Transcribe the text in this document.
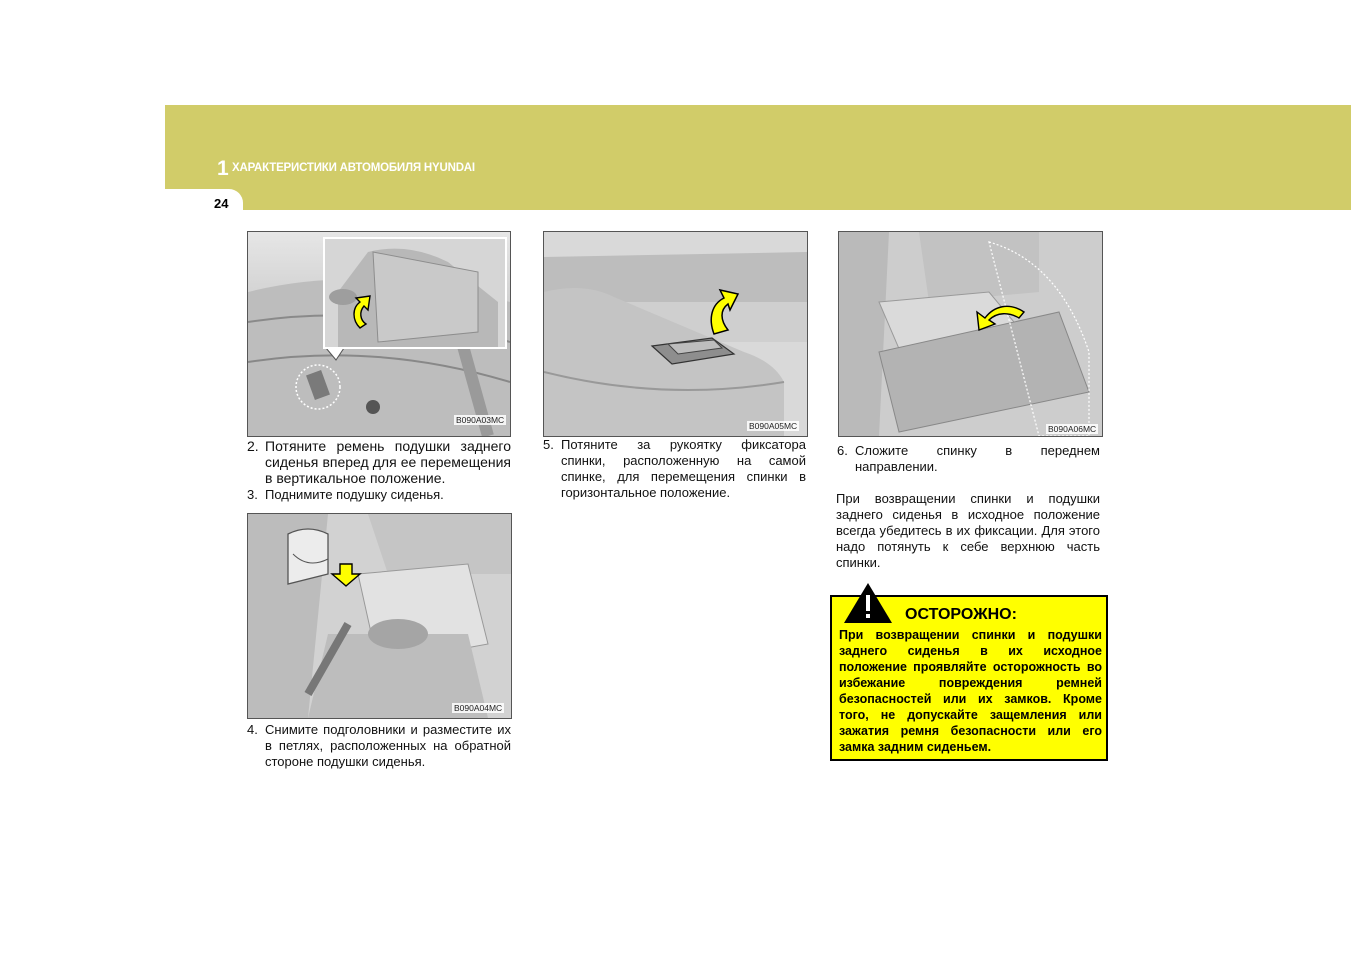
1 ХАРАКТЕРИСТИКИ АВТОМОБИЛЯ HYUNDAI
24
B090A03MC
2. Потяните ремень подушки заднего сиденья вперед для ее перемещения в вертикальное положение.
3. Поднимите подушку сиденья.
B090A04MC
4. Снимите подголовники и разместите их в петлях, расположенных на обратной стороне подушки сиденья.
B090A05MC
5. Потяните за рукоятку фиксатора спинки, расположенную на самой спинке, для перемещения спинки в горизонтальное положение.
B090A06MC
6. Сложите спинку в переднем направлении.
При возвращении спинки и подушки заднего сиденья в исходное положение всегда убедитесь в их фиксации. Для этого надо потянуть к себе верхнюю часть спинки.
ОСТОРОЖНО:
При возвращении спинки и подушки заднего сиденья в их исходное положение проявляйте осторожность во избежание повреждения ремней безопасностей или их замков. Кроме того, не допускайте защемления или зажатия ремня безопасности или его замка задним сиденьем.
